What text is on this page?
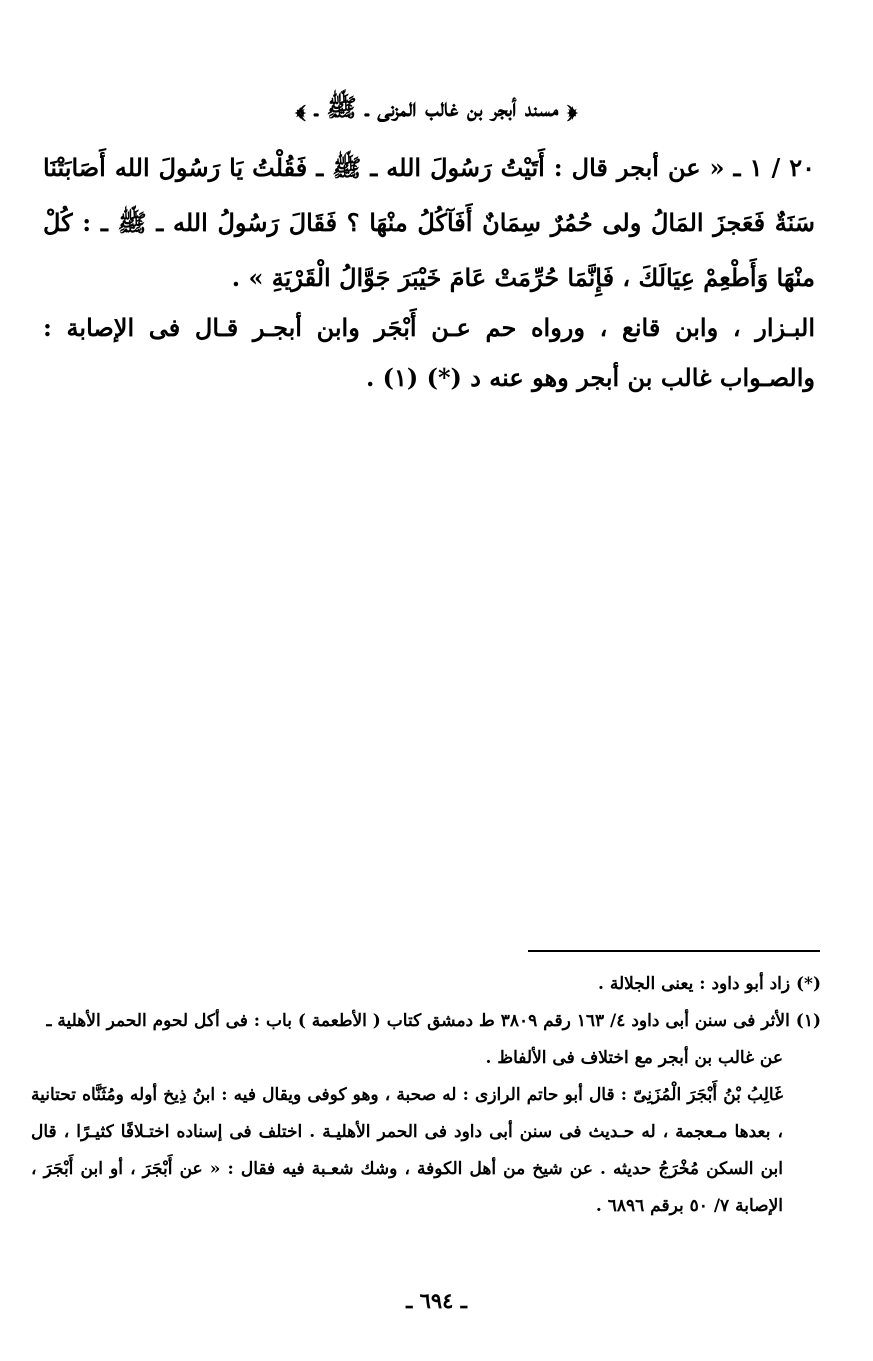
﴿ مسند أبجر بن غالب المزنى ـ ﷺ ـ ﴾
٢٠ / ١ ـ « عن أبجر قال : أَتَيْتُ رَسُولَ الله ـ ﷺ ـ فَقُلْتُ يَا رَسُولَ الله أَصَابَتْنَا سَنَةٌ فَعَجزَ المَالُ ولى حُمُرٌ سِمَانٌ أَفَآكُلُ منْهَا ؟ فَقَالَ رَسُولُ الله ـ ﷺ ـ : كُلْ منْهَا وَأَطْعِمْ عِيَالَكَ ، فَإِنَّمَا حُرِّمَتْ عَامَ خَيْبَرَ جَوَّالُ الْقَرْيَةِ » .
البـزار ، وابن قانع ، ورواه حم عـن أَبْجَر وابن أبجـر قـال فى الإصابة : والصـواب غالب بن أبجر وهو عنه د (*) (١) .

(*) زاد أبو داود : يعنى الجلالة .

(١) الأثر فى سنن أبى داود ٤/ ١٦٣ رقم ٣٨٠٩ ط دمشق كتاب ( الأطعمة ) باب : فى أكل لحوم الحمر الأهلية ـ

عن غالب بن أبجر مع اختلاف فى الألفاظ .

غَالِبُ بْنُ أَبْجَرَ الْمُزَنِىّ : قال أبو حاتم الرازى : له صحبة ، وهو كوفى ويقال فيه : ابنُ ذِيخ أوله ومُثَنَّاه تحتانية ، بعدها مـعجمة ، له حـديث فى سنن أبى داود فى الحمر الأهليـة . اختلف فى إسناده اختـلافًا كثيـرًا ، قال ابن السكن مُخْرَجُ حديثه . عن شيخ من أهل الكوفة ، وشك شعـبة فيه فقال : « عن أَبْجَرَ ، أو ابن أَبْجَرَ ، الإصابة ٧/ ٥٠ برقم ٦٨٩٦ .

ـ ٦٩٤ ـ
